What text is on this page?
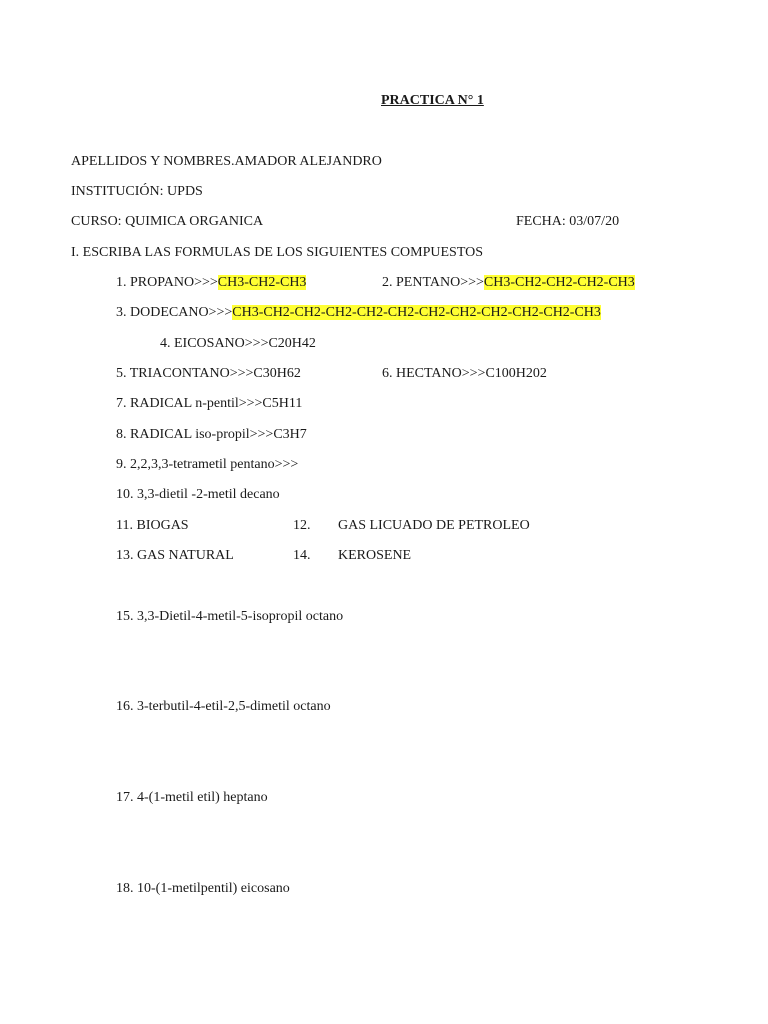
PRACTICA N° 1
APELLIDOS Y NOMBRES.AMADOR ALEJANDRO
INSTITUCIÓN: UPDS
CURSO: QUIMICA ORGANICA	FECHA: 03/07/20
I. ESCRIBA LAS FORMULAS DE LOS SIGUIENTES COMPUESTOS
1. PROPANO>>>CH3-CH2-CH3	2. PENTANO>>>CH3-CH2-CH2-CH2-CH3
3. DODECANO>>>CH3-CH2-CH2-CH2-CH2-CH2-CH2-CH2-CH2-CH2-CH2-CH3
4. EICOSANO>>>C20H42
5. TRIACONTANO>>>C30H62	6. HECTANO>>>C100H202
7. RADICAL n-pentil>>>C5H11
8. RADICAL iso-propil>>>C3H7
9. 2,2,3,3-tetrametil pentano>>>
10. 3,3-dietil -2-metil decano
11. BIOGAS	12. GAS LICUADO DE PETROLEO
13. GAS NATURAL	14. KEROSENE
15. 3,3-Dietil-4-metil-5-isopropil octano
16. 3-terbutil-4-etil-2,5-dimetil octano
17. 4-(1-metil etil) heptano
18. 10-(1-metilpentil) eicosano
